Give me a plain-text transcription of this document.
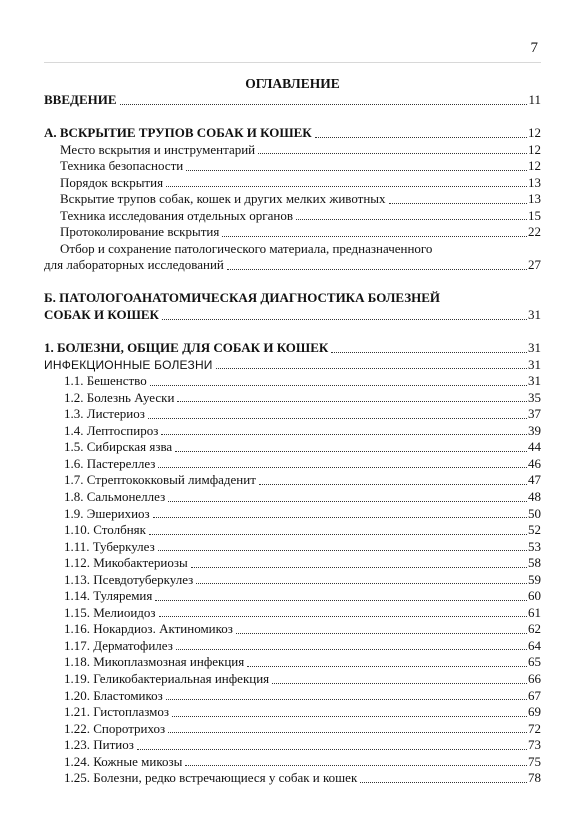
7
ОГЛАВЛЕНИЕ
ВВЕДЕНИЕ	11
А. ВСКРЫТИЕ ТРУПОВ СОБАК И КОШЕК	12
Место вскрытия и инструментарий	12
Техника безопасности	12
Порядок вскрытия	13
Вскрытие трупов собак, кошек и других мелких животных	13
Техника исследования отдельных органов	15
Протоколирование вскрытия	22
Отбор и сохранение патологического материала, предназначенного
для лабораторных исследований	27
Б. ПАТОЛОГОАНАТОМИЧЕСКАЯ ДИАГНОСТИКА БОЛЕЗНЕЙ
СОБАК И КОШЕК	31
1. БОЛЕЗНИ, ОБЩИЕ ДЛЯ СОБАК И КОШЕК	31
ИНФЕКЦИОННЫЕ БОЛЕЗНИ	31
1.1. Бешенство	31
1.2. Болезнь Ауески	35
1.3. Листериоз	37
1.4. Лептоспироз	39
1.5. Сибирская язва	44
1.6. Пастереллез	46
1.7. Стрептококковый лимфаденит	47
1.8. Сальмонеллез	48
1.9. Эшерихиоз	50
1.10. Столбняк	52
1.11. Туберкулез	53
1.12. Микобактериозы	58
1.13. Псевдотуберкулез	59
1.14. Туляремия	60
1.15. Мелиоидоз	61
1.16. Нокардиоз. Актиномикоз	62
1.17. Дерматофилез	64
1.18. Микоплазмозная инфекция	65
1.19. Геликобактериальная инфекция	66
1.20. Бластомикоз	67
1.21. Гистоплазмоз	69
1.22. Споротрихоз	72
1.23. Питиоз	73
1.24. Кожные микозы	75
1.25. Болезни, редко встречающиеся у собак и кошек	78
